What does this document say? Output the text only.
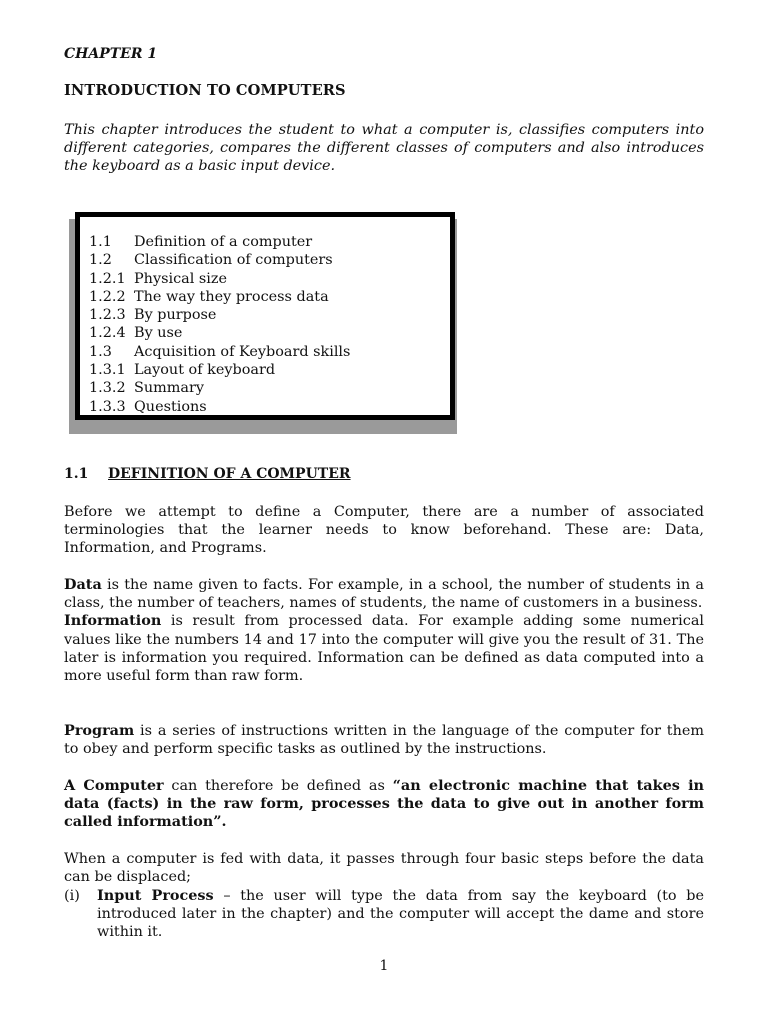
CHAPTER 1
INTRODUCTION TO COMPUTERS

This chapter introduces the student to what a computer is, classifies computers into different categories, compares the different classes of computers and also introduces the keyboard as a basic input device.

1.1 Definition of a computer
1.2 Classification of computers
1.2.1 Physical size
1.2.2 The way they process data
1.2.3 By purpose
1.2.4 By use
1.3 Acquisition of Keyboard skills
1.3.1 Layout of keyboard
1.3.2 Summary
1.3.3 Questions
1.1 DEFINITION OF A COMPUTER

Before we attempt to define a Computer, there are a number of associated terminologies that the learner needs to know beforehand. These are: Data, Information, and Programs.

Data is the name given to facts. For example, in a school, the number of students in a class, the number of teachers, names of students, the name of customers in a business.

Information is result from processed data. For example adding some numerical values like the numbers 14 and 17 into the computer will give you the result of 31. The later is information you required. Information can be defined as data computed into a more useful form than raw form.

Program is a series of instructions written in the language of the computer for them to obey and perform specific tasks as outlined by the instructions.

A Computer can therefore be defined as “an electronic machine that takes in data (facts) in the raw form, processes the data to give out in another form called information”.

When a computer is fed with data, it passes through four basic steps before the data can be displaced;

(i) Input Process – the user will type the data from say the keyboard (to be introduced later in the chapter) and the computer will accept the dame and store within it.

1
